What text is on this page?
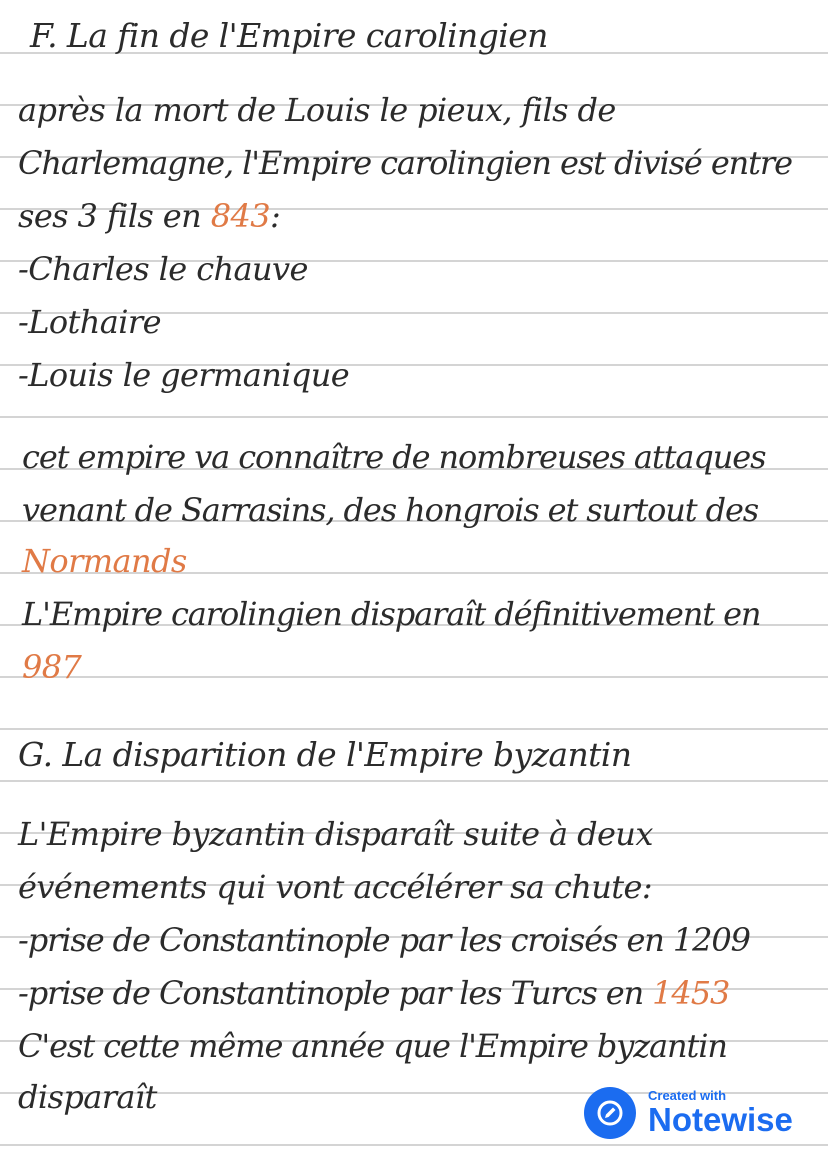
F. La fin de l'Empire carolingien

après la mort de Louis le pieux, fils de

Charlemagne, l'Empire carolingien est divisé entre

ses 3 fils en 843:

-Charles le chauve

-Lothaire

-Louis le germanique

cet empire va connaître de nombreuses attaques

venant de Sarrasins, des hongrois et surtout des

Normands

L'Empire carolingien disparaît définitivement en

987

G. La disparition de l'Empire byzantin

L'Empire byzantin disparaît suite à deux

événements qui vont accélérer sa chute:

-prise de Constantinople par les croisés en 1209

-prise de Constantinople par les Turcs en 1453

C'est cette même année que l'Empire byzantin

disparaît	Created with
Notewise
